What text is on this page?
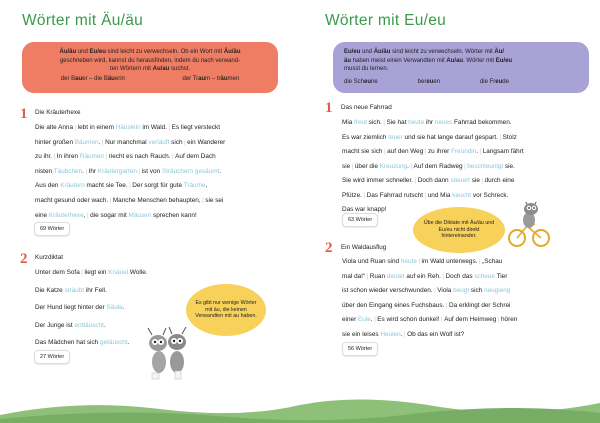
Wörter mit Äu/äu
Äu/äu und Eu/eu sind leicht zu verwechseln. Ob ein Wort mit Äu/äu
geschrieben wird, kannst du herausfinden, indem du nach verwand-
ten Wörtern mit Au/au suchst.
der Bauer – die Bäuerin	der Traum – träumen
1 Die Kräuterhexe
Die alte Anna | lebt in einem Häuslein im Wald. | Es liegt versteckt
hinter großen Bäumen. | Nur manchmal verläuft sich | ein Wanderer
zu ihr. | In ihren Räumen | riecht es nach Rauch. | Auf dem Dach
nisten Täubchen. | Ihr Kräutergarten | ist von Sträuchern gesäumt.
Aus den Kräutern macht sie Tee. | Der sorgt für gute Träume,
macht gesund oder wach. | Manche Menschen behaupten, | sie sei
eine Kräuterhexe, | die sogar mit Mäusen sprechen kann!
69 Wörter
2 Kurzdiktat
Unter dem Sofa | liegt ein Knäuel Wolle.
Die Katze sträubt ihr Fell.
Der Hund liegt hinter der Säule.
Der Junge ist enttäuscht.
Das Mädchen hat sich getäuscht.
27 Wörter
Es gibt nur wenige Wörter mit äu, die keinen Verwandten mit au haben.
16
Wörter mit Eu/eu
Eu/eu und Äu/äu sind leicht zu verwechseln. Wörter mit Äu/
äu haben meist einen Verwandten mit Au/au. Wörter mit Eu/eu
musst du lernen.
die Scheune	bereuen	die Freude
1 Das neue Fahrrad
Mia freut sich. | Sie hat heute ihr neues Fahrrad bekommen.
Es war ziemlich teuer und sie hat lange darauf gespart. | Stolz
macht sie sich | auf den Weg | zu ihrer Freundin. | Langsam fährt
sie | über die Kreuzung. | Auf dem Radweg | beschleunigt sie.
Sie wird immer schneller. | Doch dann steuert sie | durch eine
Pfütze. | Das Fahrrad rutscht | und Mia keucht vor Schreck.
Das war knapp!
63 Wörter	Übe die Diktate mit Äu/äu und Eu/eu nicht direkt hintereinander.
2 Ein Waldausflug
Viola und Ruan sind heute | im Wald unterwegs. | „Schau
mal da!“ | Ruan deutet auf ein Reh. | Doch das scheue Tier
ist schon wieder verschwunden. | Viola beugt sich neugierig
über den Eingang eines Fuchsbaus. | Da erklingt der Schrei
einer Eule. | Es wird schon dunkel! | Auf dem Heimweg | hören
sie ein leises Heulen. | Ob das ein Wolf ist?
56 Wörter
